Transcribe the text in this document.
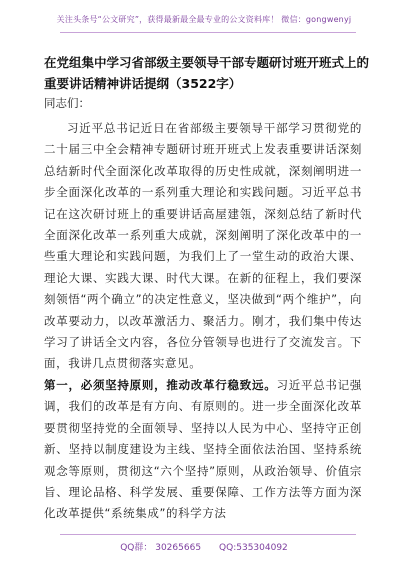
关注头条号“公文研究”，获得最新最全最专业的公文资料库！ 微信：gongwenyj
在党组集中学习省部级主要领导干部专题研讨班开班式上的重要讲话精神讲话提纲（3522字）
同志们：
习近平总书记近日在省部级主要领导干部学习贯彻党的二十届三中全会精神专题研讨班开班式上发表重要讲话深刻总结新时代全面深化改革取得的历史性成就，深刻阐明进一步全面深化改革的一系列重大理论和实践问题。习近平总书记在这次研讨班上的重要讲话高屋建瓴，深刻总结了新时代全面深化改革一系列重大成就，深刻阐明了深化改革中的一些重大理论和实践问题，为我们上了一堂生动的政治大课、理论大课、实践大课、时代大课。在新的征程上，我们要深刻领悟“两个确立”的决定性意义，坚决做到“两个维护”，向改革要动力，以改革激活力、聚活力。刚才，我们集中传达学习了讲话全文内容，各位分管领导也进行了交流发言。下面，我讲几点贯彻落实意见。
第一，必须坚持原则，推动改革行稳致远。习近平总书记强调，我们的改革是有方向、有原则的。进一步全面深化改革要贯彻坚持党的全面领导、坚持以人民为中心、坚持守正创新、坚持以制度建设为主线、坚持全面依法治国、坚持系统观念等原则，贯彻这“六个坚持”原则，从政治领导、价值宗旨、理论品格、科学发展、重要保障、工作方法等方面为深化改革提供“系统集成”的科学方法
QQ群： 30265665 QQ:535304092
